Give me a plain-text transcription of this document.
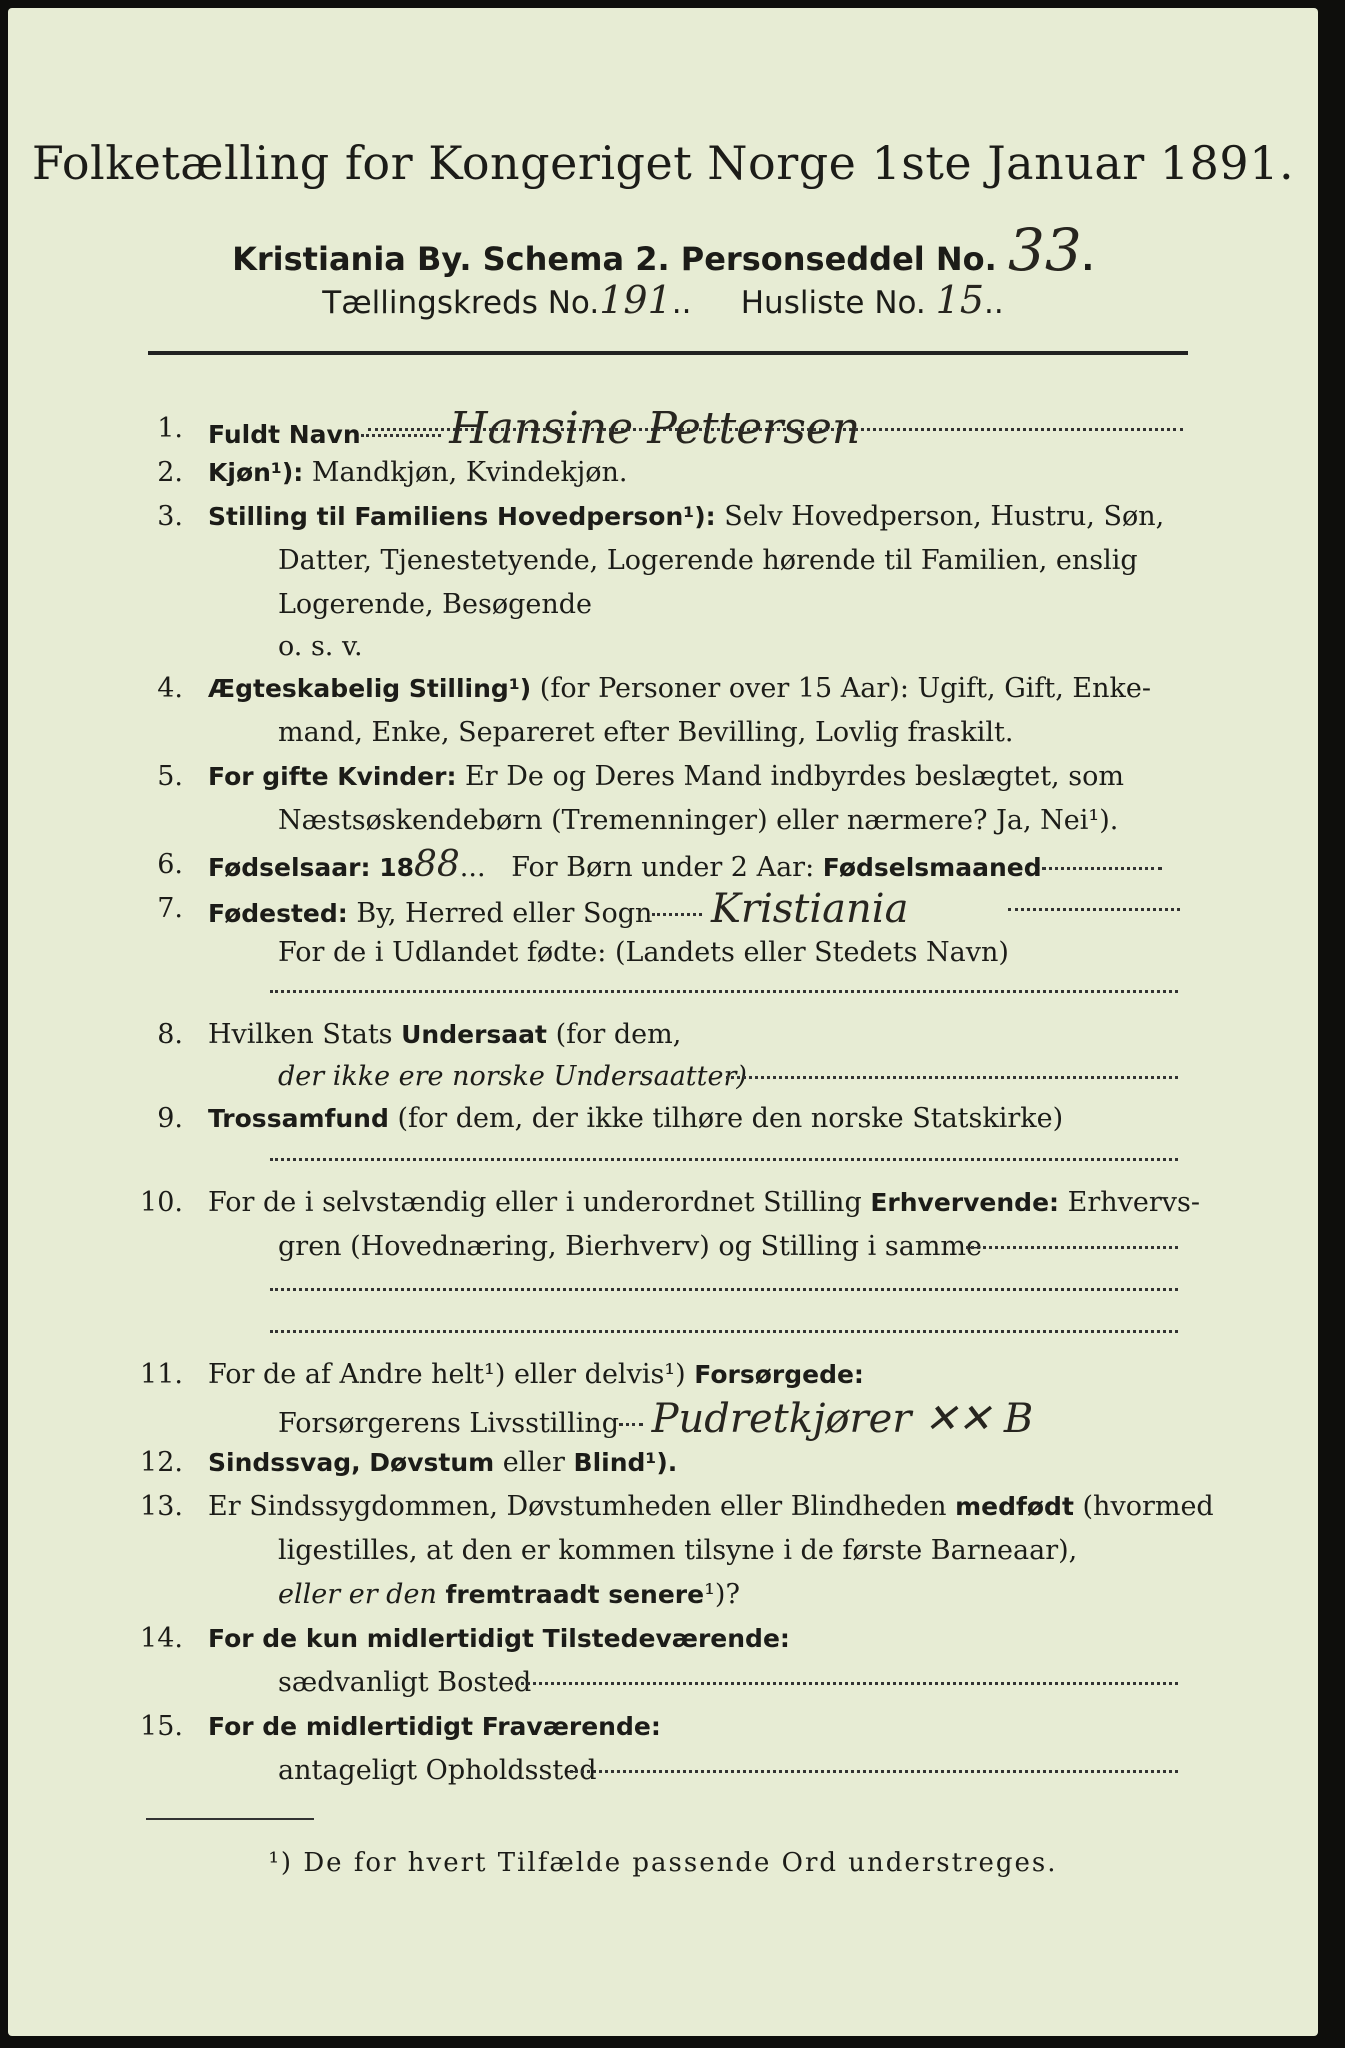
Folketælling for Kongeriget Norge 1ste Januar 1891.
Kristiania By. Schema 2. Personseddel No. 33.
Tællingskreds No.191.. Husliste No. 15..
1. Fuldt Navn Hansine Pettersen
2. Kjøn¹): Mandkjøn, Kvindekjøn.
3. Stilling til Familiens Hovedperson¹): Selv Hovedperson, Hustru, Søn,
Datter, Tjenestetyende, Logerende hørende til Familien, enslig
Logerende, Besøgende
o. s. v.
4. Ægteskabelig Stilling¹) (for Personer over 15 Aar): Ugift, Gift, Enke-
mand, Enke, Separeret efter Bevilling, Lovlig fraskilt.
5. For gifte Kvinder: Er De og Deres Mand indbyrdes beslægtet, som
Næstsøskendebørn (Tremenninger) eller nærmere? Ja, Nei¹).
6. Fødselsaar: 1888... For Børn under 2 Aar: Fødselsmaaned
7. Fødested: By, Herred eller Sogn Kristiania
For de i Udlandet fødte: (Landets eller Stedets Navn)
8. Hvilken Stats Undersaat (for dem,
der ikke ere norske Undersaatter)
9. Trossamfund (for dem, der ikke tilhøre den norske Statskirke)
10. For de i selvstændig eller i underordnet Stilling Erhvervende: Erhvervs-
gren (Hovednæring, Bierhverv) og Stilling i samme
11. For de af Andre helt¹) eller delvis¹) Forsørgede:
Forsørgerens Livsstilling Pudretkjører ✕✕ B
12. Sindssvag, Døvstum eller Blind¹).
13. Er Sindssygdommen, Døvstumheden eller Blindheden medfødt (hvormed
ligestilles, at den er kommen tilsyne i de første Barneaar),
eller er den fremtraadt senere¹)?
14. For de kun midlertidigt Tilstedeværende:
sædvanligt Bosted
15. For de midlertidigt Fraværende:
antageligt Opholdssted
¹) De for hvert Tilfælde passende Ord understreges.
